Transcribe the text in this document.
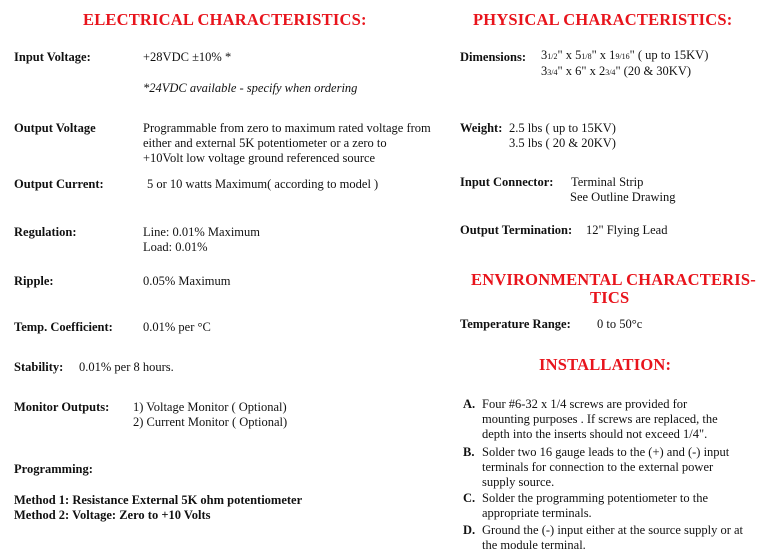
ELECTRICAL CHARACTERISTICS:
Input Voltage:	+28VDC ±10% *
*24VDC available - specify when ordering
Output Voltage	Programmable from zero to maximum rated voltage from
either and external 5K potentiometer or a zero to
+10Volt low voltage ground referenced source
Output Current:	5 or 10 watts Maximum( according to model )
Regulation:	Line: 0.01% Maximum
Load: 0.01%
Ripple:	0.05% Maximum
Temp. Coefficient: 0.01% per °C
Stability: 0.01% per 8 hours.
Monitor Outputs: 1) Voltage Monitor ( Optional)
2) Current Monitor ( Optional)
Programming:
Method 1: Resistance External 5K ohm potentiometer
Method 2: Voltage: Zero to +10 Volts
PHYSICAL CHARACTERISTICS:
Dimensions: 31/2" x 51/8" x 19/16" ( up to 15KV)
33/4" x 6" x 23/4" (20 & 30KV)
Weight: 2.5 lbs ( up to 15KV)
3.5 lbs ( 20 & 20KV)
Input Connector: Terminal Strip
See Outline Drawing
Output Termination: 12" Flying Lead
ENVIRONMENTAL CHARACTERIS-
TICS
Temperature Range: 0 to 50°c
INSTALLATION:
A. Four #6-32 x 1/4 screws are provided for
mounting purposes . If screws are replaced, the
depth into the inserts should not exceed 1/4".
B. Solder two 16 gauge leads to the (+) and (-) input
terminals for connection to the external power
supply source.
C. Solder the programming potentiometer to the
appropriate terminals.
D. Ground the (-) input either at the source supply or at
the module terminal.
